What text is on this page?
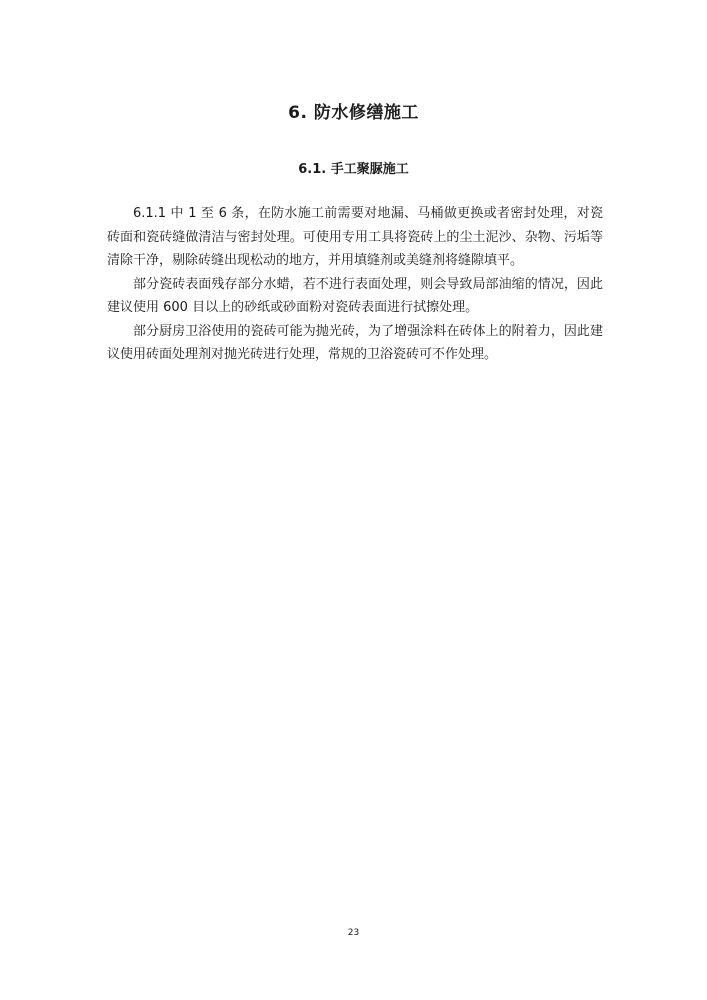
6. 防水修缮施工
6.1. 手工聚脲施工

6.1.1 中 1 至 6 条，在防水施工前需要对地漏、马桶做更换或者密封处理，对瓷砖面和瓷砖缝做清洁与密封处理。可使用专用工具将瓷砖上的尘土泥沙、杂物、污垢等清除干净，剔除砖缝出现松动的地方，并用填缝剂或美缝剂将缝隙填平。

部分瓷砖表面残存部分水蜡，若不进行表面处理，则会导致局部油缩的情况，因此建议使用 600 目以上的砂纸或砂面粉对瓷砖表面进行拭擦处理。

部分厨房卫浴使用的瓷砖可能为抛光砖，为了增强涂料在砖体上的附着力，因此建议使用砖面处理剂对抛光砖进行处理，常规的卫浴瓷砖可不作处理。

23
